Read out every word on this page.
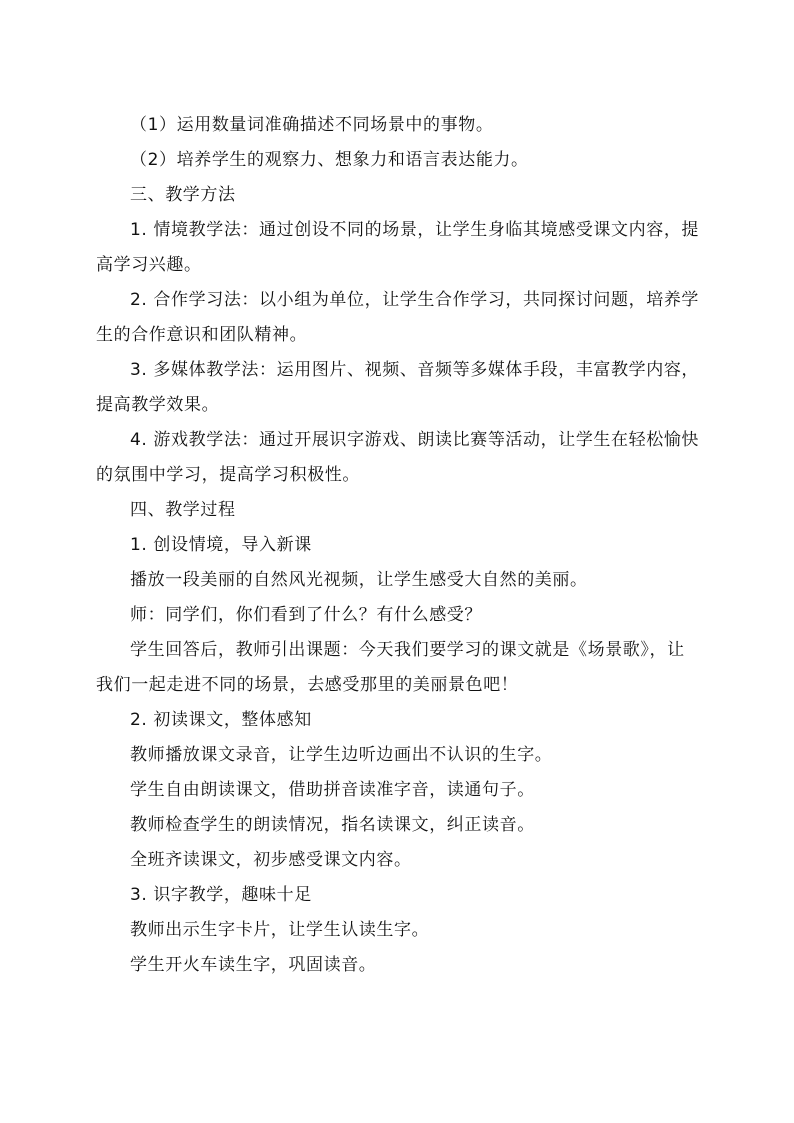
（1）运用数量词准确描述不同场景中的事物。

（2）培养学生的观察力、想象力和语言表达能力。

三、教学方法

1. 情境教学法：通过创设不同的场景，让学生身临其境感受课文内容，提高学习兴趣。

2. 合作学习法：以小组为单位，让学生合作学习，共同探讨问题，培养学生的合作意识和团队精神。

3. 多媒体教学法：运用图片、视频、音频等多媒体手段，丰富教学内容，提高教学效果。

4. 游戏教学法：通过开展识字游戏、朗读比赛等活动，让学生在轻松愉快的氛围中学习，提高学习积极性。

四、教学过程

1. 创设情境，导入新课

播放一段美丽的自然风光视频，让学生感受大自然的美丽。

师：同学们，你们看到了什么？有什么感受？

学生回答后，教师引出课题：今天我们要学习的课文就是《场景歌》，让我们一起走进不同的场景，去感受那里的美丽景色吧！

2. 初读课文，整体感知

教师播放课文录音，让学生边听边画出不认识的生字。

学生自由朗读课文，借助拼音读准字音，读通句子。

教师检查学生的朗读情况，指名读课文，纠正读音。

全班齐读课文，初步感受课文内容。

3. 识字教学，趣味十足

教师出示生字卡片，让学生认读生字。

学生开火车读生字，巩固读音。
